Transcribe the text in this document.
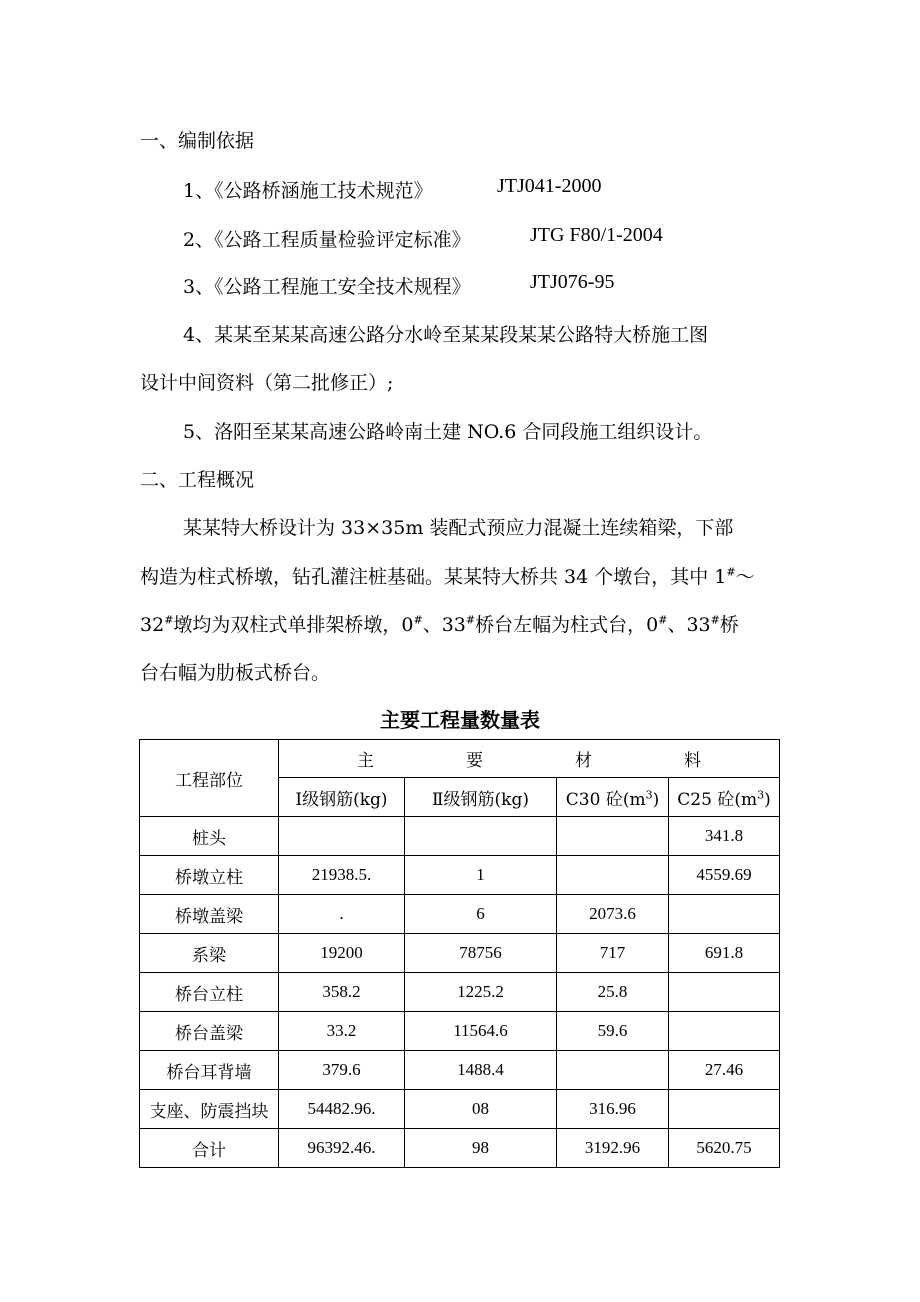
一、编制依据
1、《公路桥涵施工技术规范》	JTJ041-2000
2、《公路工程质量检验评定标准》	JTG F80/1-2004
3、《公路工程施工安全技术规程》	JTJ076-95
4、某某至某某高速公路分水岭至某某段某某公路特大桥施工图
设计中间资料（第二批修正）;
5、洛阳至某某高速公路岭南土建 NO.6 合同段施工组织设计。
二、工程概况
某某特大桥设计为 33×35m 装配式预应力混凝土连续箱梁，下部
构造为柱式桥墩，钻孔灌注桩基础。某某特大桥共 34 个墩台，其中 1#～
32#墩均为双柱式单排架桥墩，0#、33#桥台左幅为柱式台，0#、33#桥
台右幅为肋板式桥台。
主要工程量数量表
工程部位	主 要 材 料			
	Ⅰ级钢筋(kg)	Ⅱ级钢筋(kg)	C30 砼$(m^3)$	C25 砼$(m^3)$
桩头				341.8
桥墩立柱	21938.5.	1		4559.69
桥墩盖梁	.	6	2073.6	
系梁	19200	78756	717	691.8
桥台立柱	358.2	1225.2	25.8	
桥台盖梁	33.2	11564.6	59.6	
桥台耳背墙	379.6	1488.4		27.46
支座、防震挡块	54482.96.	08	316.96	
合计	96392.46.	98	3192.96	5620.75
